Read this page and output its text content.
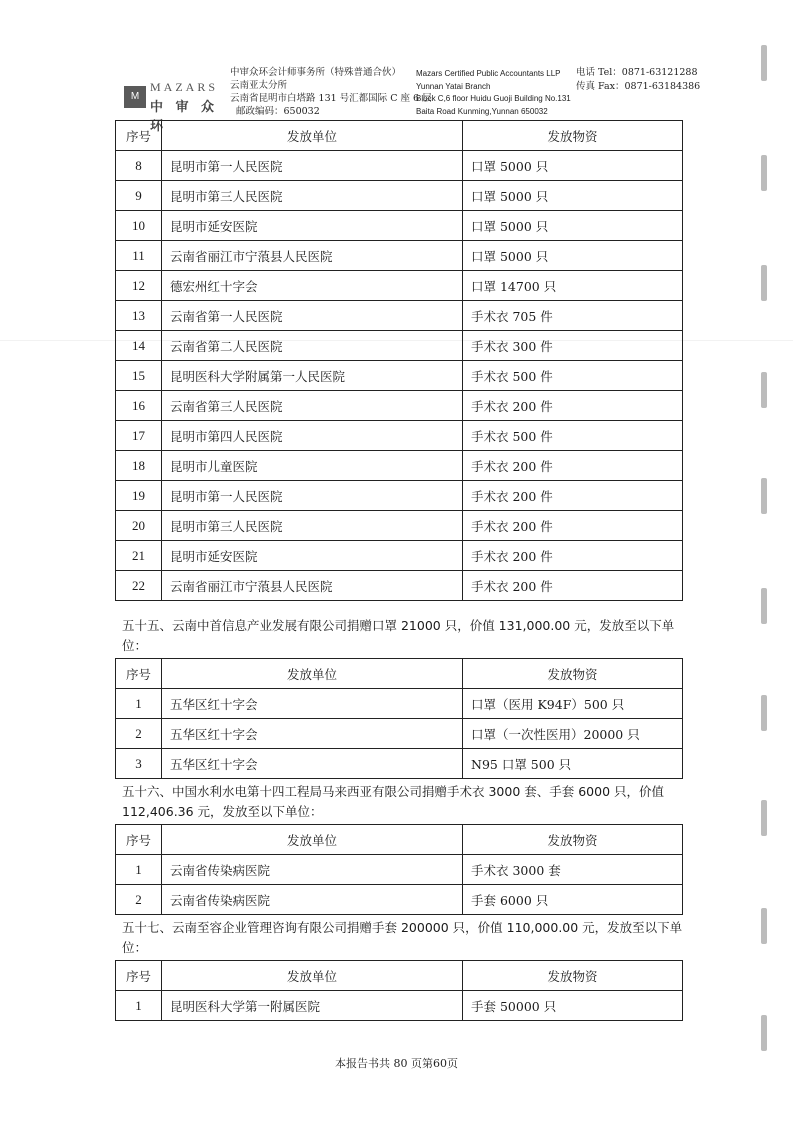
M
MAZARS
中 审 众 环
中审众环会计师事务所（特殊普通合伙）
云南亚太分所
云南省昆明市白塔路 131 号汇都国际 C 座 6 层
邮政编码：650032
Mazars Certified Public Accountants LLP
Yunnan Yatai Branch
Block C,6 floor Huidu Guoji Building No.131
Baita Road Kunming,Yunnan 650032
电话 Tel：0871-63121288
传真 Fax：0871-63184386
序号	发放单位	发放物资
8	昆明市第一人民医院	口罩 5000 只
9	昆明市第三人民医院	口罩 5000 只
10	昆明市延安医院	口罩 5000 只
11	云南省丽江市宁蒗县人民医院	口罩 5000 只
12	德宏州红十字会	口罩 14700 只
13	云南省第一人民医院	手术衣 705 件
14	云南省第二人民医院	手术衣 300 件
15	昆明医科大学附属第一人民医院	手术衣 500 件
16	云南省第三人民医院	手术衣 200 件
17	昆明市第四人民医院	手术衣 500 件
18	昆明市儿童医院	手术衣 200 件
19	昆明市第一人民医院	手术衣 200 件
20	昆明市第三人民医院	手术衣 200 件
21	昆明市延安医院	手术衣 200 件
22	云南省丽江市宁蒗县人民医院	手术衣 200 件
五十五、云南中首信息产业发展有限公司捐赠口罩 21000 只，价值 131,000.00 元，发放至以下单位：
序号	发放单位	发放物资
1	五华区红十字会	口罩（医用 K94F）500 只
2	五华区红十字会	口罩（一次性医用）20000 只
3	五华区红十字会	N95 口罩 500 只
五十六、中国水利水电第十四工程局马来西亚有限公司捐赠手术衣 3000 套、手套 6000 只，价值 112,406.36 元，发放至以下单位：
序号	发放单位	发放物资
1	云南省传染病医院	手术衣 3000 套
2	云南省传染病医院	手套 6000 只
五十七、云南至容企业管理咨询有限公司捐赠手套 200000 只，价值 110,000.00 元，发放至以下单位：
序号	发放单位	发放物资
1	昆明医科大学第一附属医院	手套 50000 只
本报告书共 80 页第60页
